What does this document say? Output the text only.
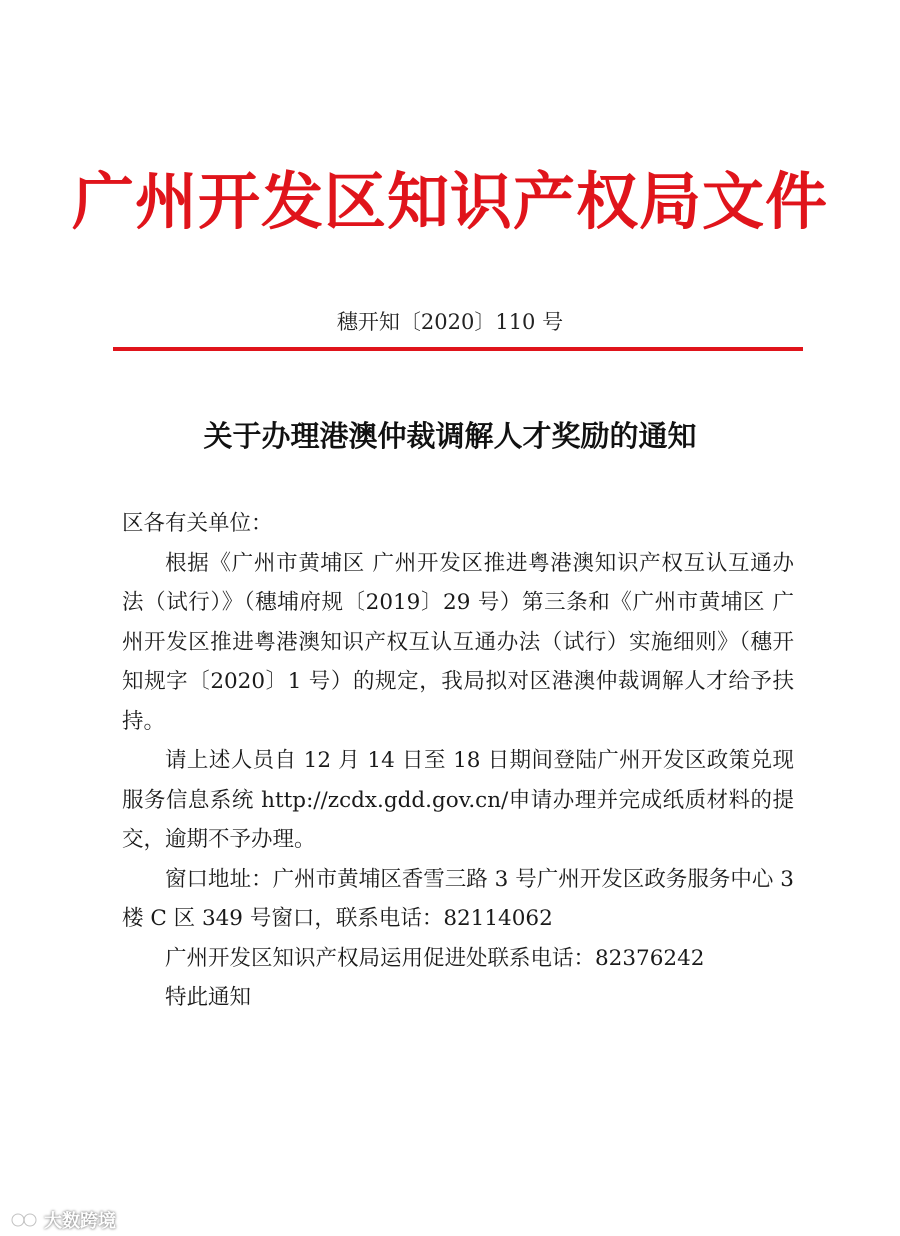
广州开发区知识产权局文件
穗开知〔2020〕110 号
关于办理港澳仲裁调解人才奖励的通知

区各有关单位：

根据《广州市黄埔区 广州开发区推进粤港澳知识产权互认互通办法（试行）》（穗埔府规〔2019〕29 号）第三条和《广州市黄埔区 广州开发区推进粤港澳知识产权互认互通办法（试行）实施细则》（穗开知规字〔2020〕1 号）的规定，我局拟对区港澳仲裁调解人才给予扶持。

请上述人员自 12 月 14 日至 18 日期间登陆广州开发区政策兑现服务信息系统 http://zcdx.gdd.gov.cn/申请办理并完成纸质材料的提交，逾期不予办理。

窗口地址：广州市黄埔区香雪三路 3 号广州开发区政务服务中心 3 楼 C 区 349 号窗口，联系电话：82114062

广州开发区知识产权局运用促进处联系电话：82376242

特此通知

大数跨境
